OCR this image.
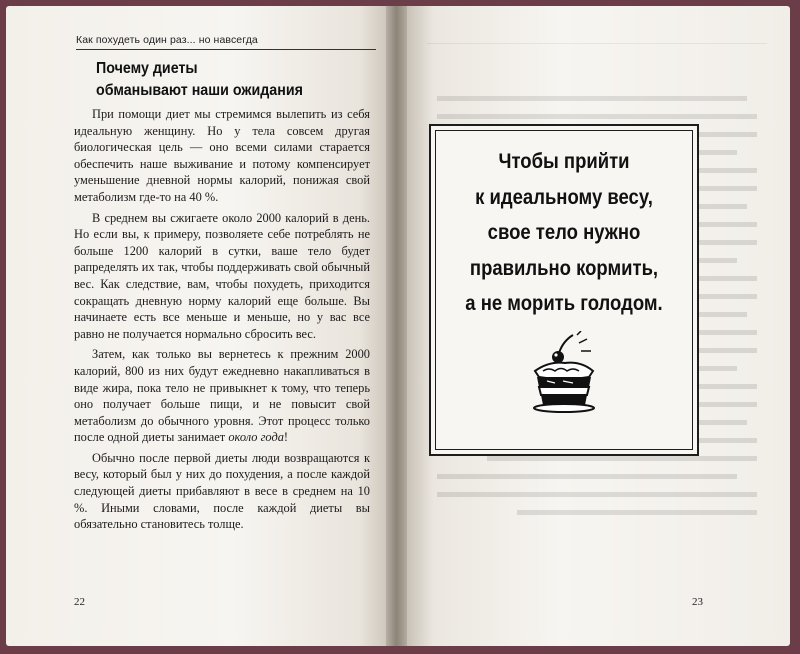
Как похудеть один раз... но навсегда
Почему диеты
обманывают наши ожидания

При помощи диет мы стремимся вылепить из себя идеальную женщину. Но у тела совсем другая биологическая цель — оно всеми силами старается обеспечить наше выживание и потому компенсирует уменьшение дневной нормы калорий, понижая свой метаболизм где-то на 40 %.

В среднем вы сжигаете около 2000 калорий в день. Но если вы, к примеру, позволяете себе потреблять не больше 1200 калорий в сутки, ваше тело будет рапределять их так, чтобы поддерживать свой обычный вес. Как следствие, вам, чтобы похудеть, приходится сокращать дневную норму калорий еще больше. Вы начинаете есть все меньше и меньше, но у вас все равно не получается нормально сбросить вес.

Затем, как только вы вернетесь к прежним 2000 калорий, 800 из них будут ежедневно накапливаться в виде жира, пока тело не привыкнет к тому, что теперь оно получает больше пищи, и не повысит свой метаболизм до обычного уровня. Этот процесс только после одной диеты занимает около года!

Обычно после первой диеты люди возвращаются к весу, который был у них до похудения, а после каждой следующей диеты прибавляют в весе в среднем на 10 %. Иными словами, после каждой диеты вы обязательно становитесь толще.

22

Чтобы прийти
к идеальному весу,
свое тело нужно
правильно кормить,
а не морить голодом.
23
